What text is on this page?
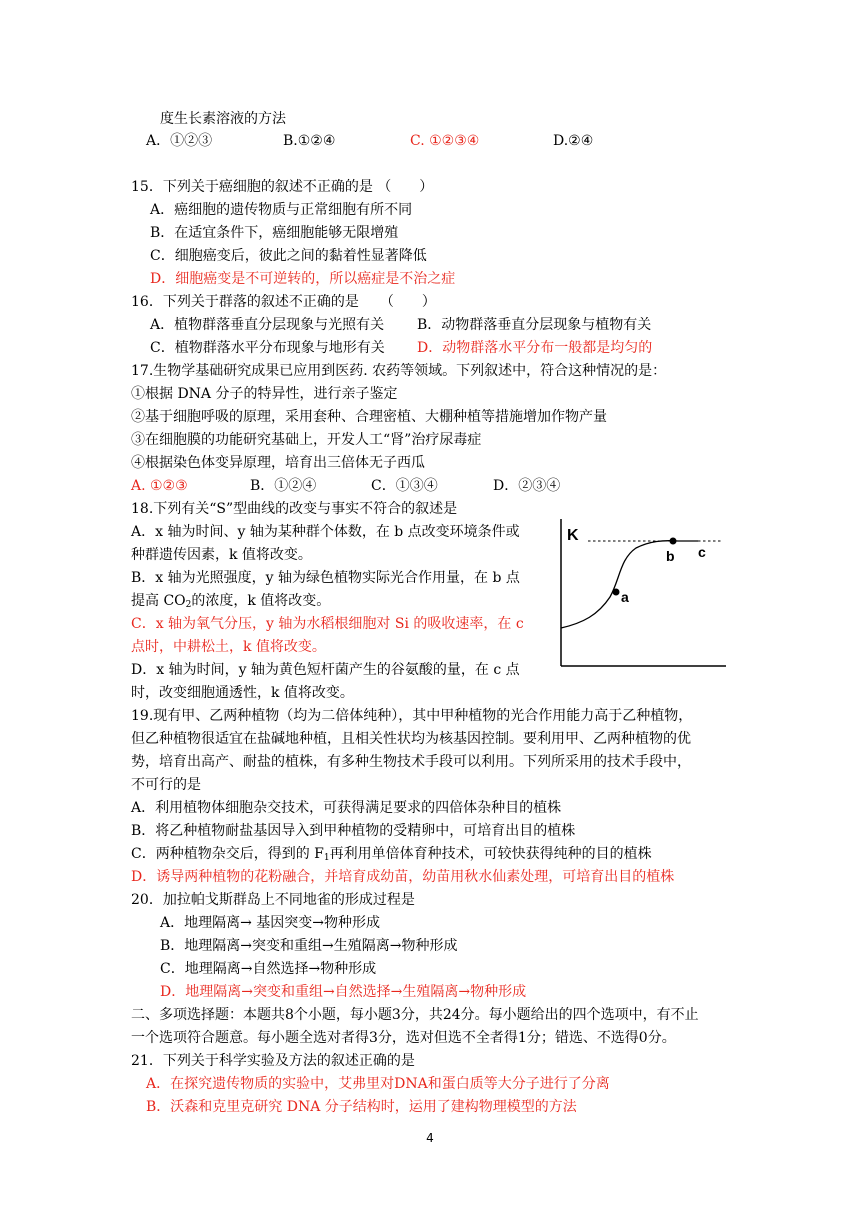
度生长素溶液的方法
A．①②③	B.①②④	C. ①②③④	D.②④
15．下列关于癌细胞的叙述不正确的是 （　　）
A．癌细胞的遗传物质与正常细胞有所不同
B．在适宜条件下，癌细胞能够无限增殖
C．细胞癌变后，彼此之间的黏着性显著降低
D．细胞癌变是不可逆转的，所以癌症是不治之症
16．下列关于群落的叙述不正确的是　　（　　）
A．植物群落垂直分层现象与光照有关 B．动物群落垂直分层现象与植物有关
C．植物群落水平分布现象与地形有关 D．动物群落水平分布一般都是均匀的
17.生物学基础研究成果已应用到医药. 农药等领域。下列叙述中，符合这种情况的是：
①根据 DNA 分子的特异性，进行亲子鉴定
②基于细胞呼吸的原理，采用套种、合理密植、大棚种植等措施增加作物产量
③在细胞膜的功能研究基础上，开发人工“肾”治疗尿毒症
④根据染色体变异原理，培育出三倍体无子西瓜
A. ①②③	B．①②④	C．①③④	D．②③④
18.下列有关“S”型曲线的改变与事实不符合的叙述是
A．x 轴为时间、y 轴为某种群个体数，在 b 点改变环境条件或
种群遗传因素，k 值将改变。
B．x 轴为光照强度，y 轴为绿色植物实际光合作用量，在 b 点
提高 $CO_2$的浓度，k 值将改变。
C．x 轴为氧气分压，y 轴为水稻根细胞对 Si 的吸收速率，在 c
点时，中耕松土，k 值将改变。
D．x 轴为时间，y 轴为黄色短杆菌产生的谷氨酸的量，在 c 点
时，改变细胞通透性，k 值将改变。
K
a
b c
19.现有甲、乙两种植物（均为二倍体纯种），其中甲种植物的光合作用能力高于乙种植物，
但乙种植物很适宜在盐碱地种植，且相关性状均为核基因控制。要利用甲、乙两种植物的优
势，培育出高产、耐盐的植株，有多种生物技术手段可以利用。下列所采用的技术手段中，
不可行的是
A．利用植物体细胞杂交技术，可获得满足要求的四倍体杂种目的植株
B．将乙种植物耐盐基因导入到甲种植物的受精卵中，可培育出目的植株
C．两种植物杂交后，得到的 $F_1$再利用单倍体育种技术，可较快获得纯种的目的植株
D．诱导两种植物的花粉融合，并培育成幼苗，幼苗用秋水仙素处理，可培育出目的植株
20．加拉帕戈斯群岛上不同地雀的形成过程是
A．地理隔离→ 基因突变→物种形成
B．地理隔离→突变和重组→生殖隔离→物种形成
C．地理隔离→自然选择→物种形成
D．地理隔离→突变和重组→自然选择→生殖隔离→物种形成
二、多项选择题：本题共8个小题，每小题3分，共24分。每小题给出的四个选项中，有不止
一个选项符合题意。每小题全选对者得3分，选对但选不全者得1分；错选、不选得0分。
21．下列关于科学实验及方法的叙述正确的是
A．在探究遗传物质的实验中，艾弗里对DNA和蛋白质等大分子进行了分离
B．沃森和克里克研究 DNA 分子结构时，运用了建构物理模型的方法
4
